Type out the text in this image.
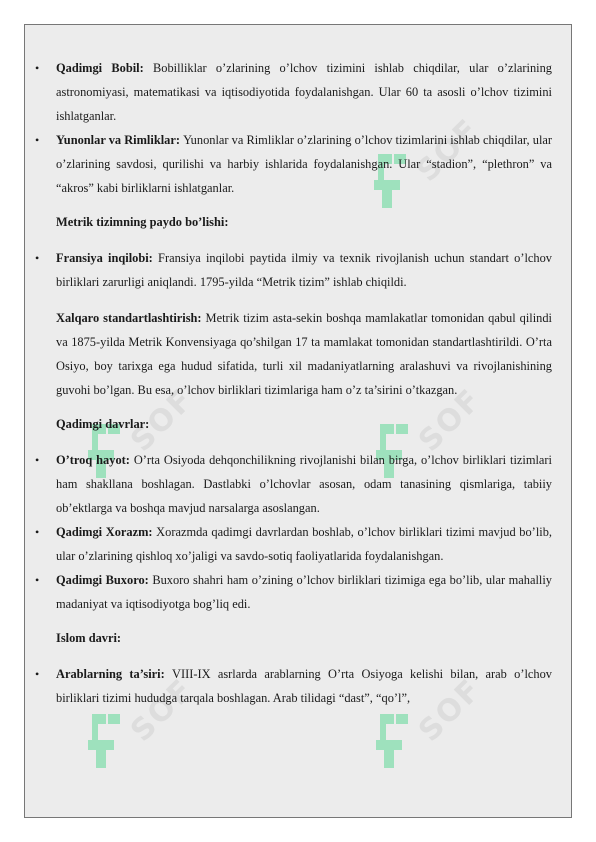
SOF
SOF	SOF
SOF	SOF
• Qadimgi Bobil: Bobilliklar o’zlarining o’lchov tizimini ishlab chiqdilar, ular o’zlarining astronomiyasi, matematikasi va iqtisodiyotida foydalanishgan. Ular 60 ta asosli o’lchov tizimini ishlatganlar.
• Yunonlar va Rimliklar: Yunonlar va Rimliklar o’zlarining o’lchov tizimlarini ishlab chiqdilar, ular o’zlarining savdosi, qurilishi va harbiy ishlarida foydalanishgan. Ular “stadion”, “plethron” va “akros” kabi birliklarni ishlatganlar.
Metrik tizimning paydo bo’lishi:
• Fransiya inqilobi: Fransiya inqilobi paytida ilmiy va texnik rivojlanish uchun standart o’lchov birliklari zarurligi aniqlandi. 1795-yilda “Metrik tizim” ishlab chiqildi.

Xalqaro standartlashtirish: Metrik tizim asta-sekin boshqa mamlakatlar tomonidan qabul qilindi va 1875-yilda Metrik Konvensiyaga qo’shilgan 17 ta mamlakat tomonidan standartlashtirildi. O’rta Osiyo, boy tarixga ega hudud sifatida, turli xil madaniyatlarning aralashuvi va rivojlanishining guvohi bo’lgan. Bu esa, o’lchov birliklari tizimlariga ham o’z ta’sirini o’tkazgan.

Qadimgi davrlar:
• O’troq hayot: O’rta Osiyoda dehqonchilikning rivojlanishi bilan birga, o’lchov birliklari tizimlari ham shakllana boshlagan. Dastlabki o’lchovlar asosan, odam tanasining qismlariga, tabiiy ob’ektlarga va boshqa mavjud narsalarga asoslangan.
• Qadimgi Xorazm: Xorazmda qadimgi davrlardan boshlab, o’lchov birliklari tizimi mavjud bo’lib, ular o’zlarining qishloq xo’jaligi va savdo-sotiq faoliyatlarida foydalanishgan.
• Qadimgi Buxoro: Buxoro shahri ham o’zining o’lchov birliklari tizimiga ega bo’lib, ular mahalliy madaniyat va iqtisodiyotga bog’liq edi.
Islom davri:
• Arablarning ta’siri: VIII-IX asrlarda arablarning O’rta Osiyoga kelishi bilan, arab o’lchov birliklari tizimi hududga tarqala boshlagan. Arab tilidagi “dast”, “qo’l”,
